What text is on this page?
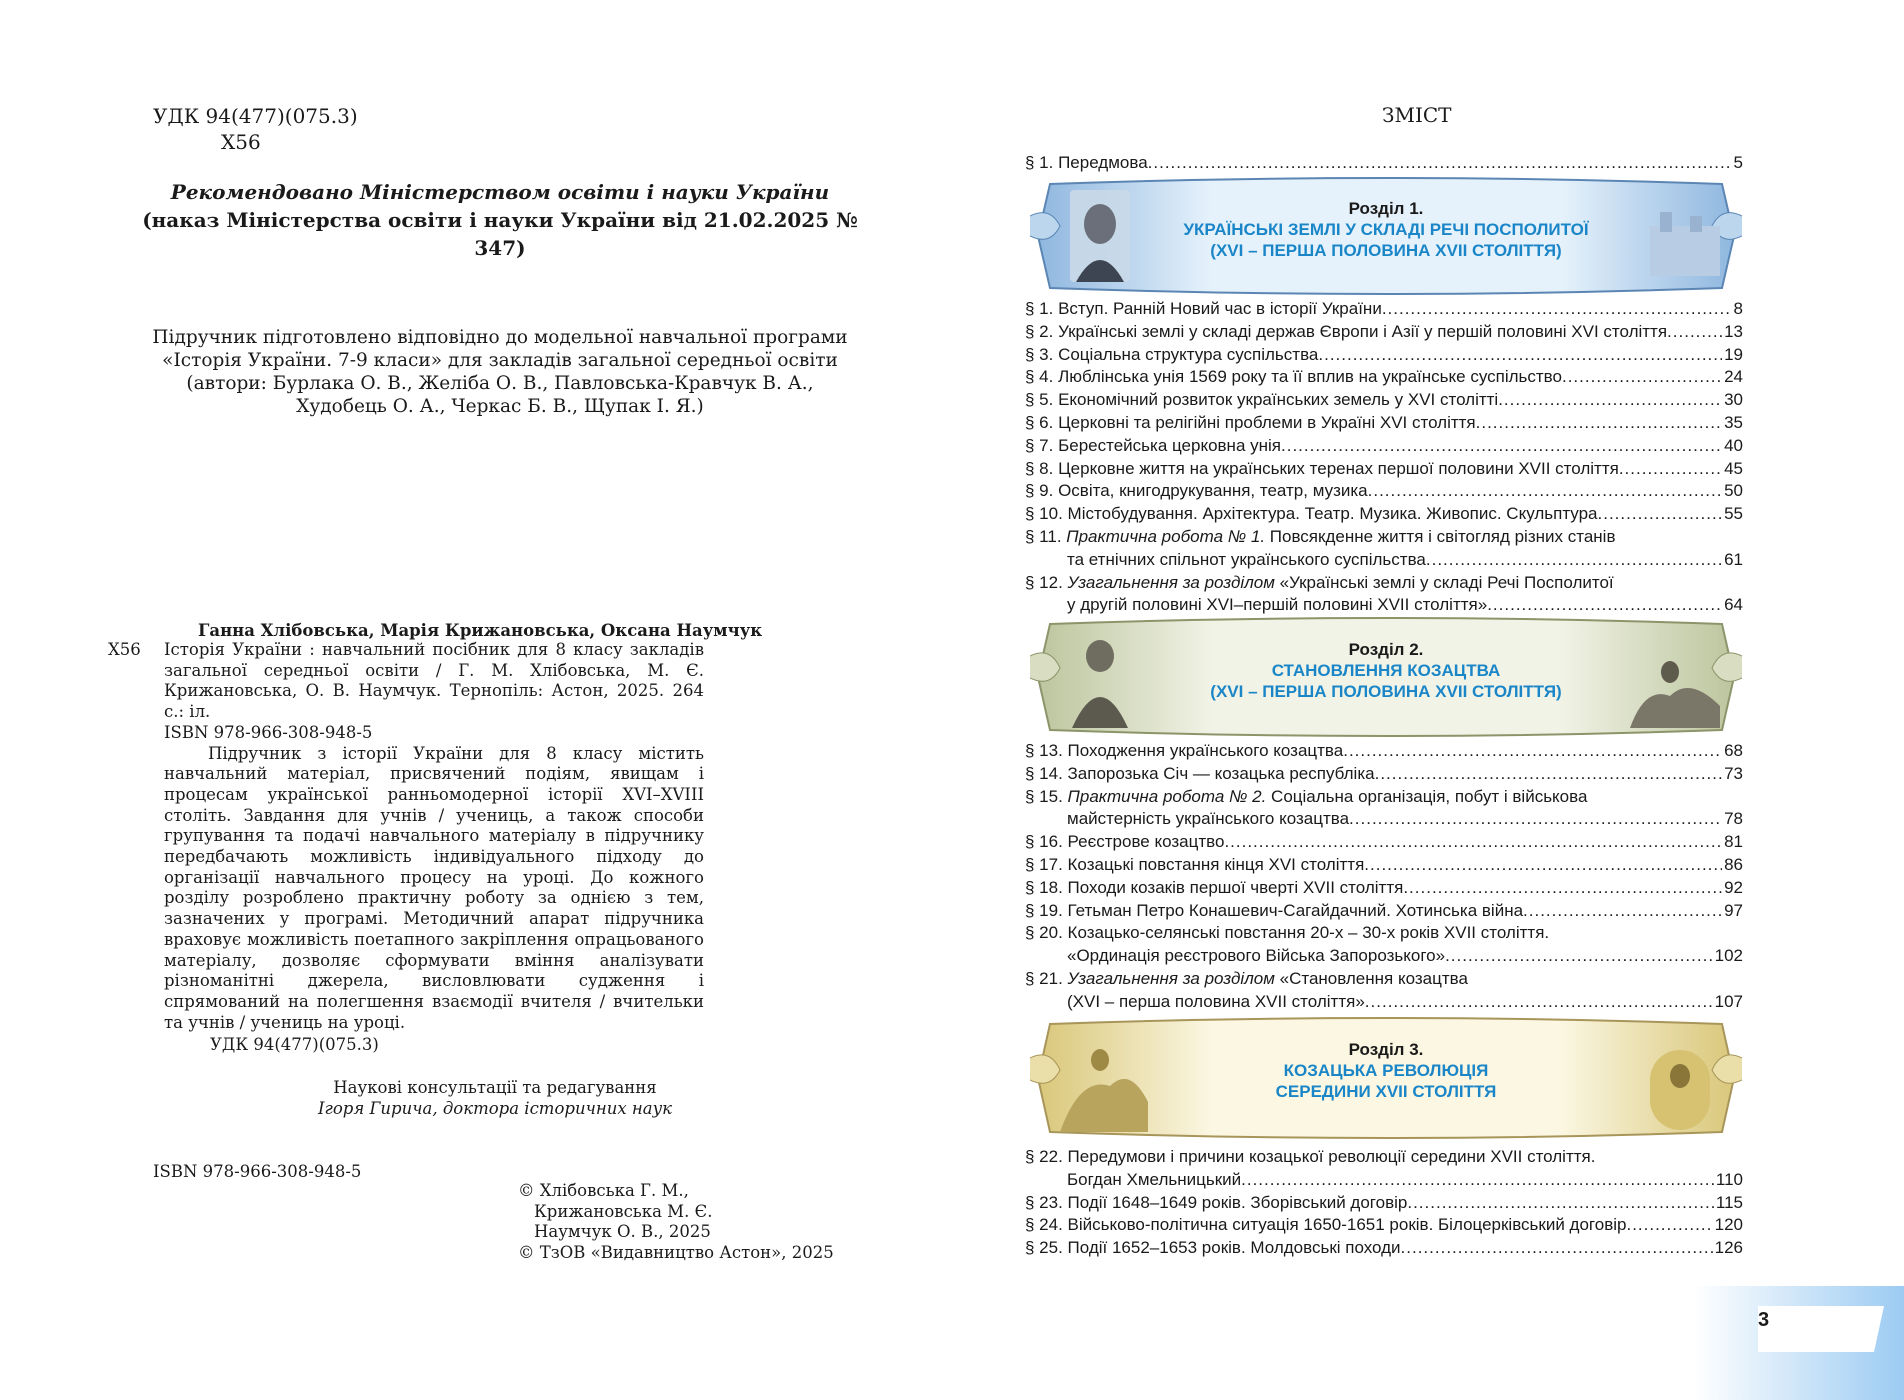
УДК 94(477)(075.3)
Х56
Рекомендовано Міністерством освіти і науки України
(наказ Міністерства освіти і науки України від 21.02.2025 № 347)
Підручник підготовлено відповідно до модельної навчальної програми
«Історія України. 7-9 класи» для закладів загальної середньої освіти
(автори: Бурлака О. В., Желіба О. В., Павловська-Кравчук В. А.,
Худобець О. А., Черкас Б. В., Щупак І. Я.)
Ганна Хлібовська, Марія Крижановська, Оксана Наумчук
Х56 Історія України : навчальний посібник для 8 класу закладів загальної середньої освіти / Г. М. Хлібовська, М. Є. Крижановська, О. В. Наумчук. Тернопіль: Астон, 2025. 264 с.: іл.
ISBN 978-966-308-948-5
Підручник з історії України для 8 класу містить навчальний матеріал, присвячений подіям, явищам і процесам української ранньомодерної історії XVI–XVIII століть. Завдання для учнів / учениць, а також способи групування та подачі навчального матеріалу в підручнику передбачають можливість індивідуального підходу до організації навчального процесу на уроці. До кожного розділу розроблено практичну роботу за однією з тем, зазначених у програмі. Методичний апарат підручника враховує можливість поетапного закріплення опрацьованого матеріалу, дозволяє сформувати вміння аналізувати різноманітні джерела, висловлювати судження і спрямований на полегшення взаємодії вчителя / вчительки та учнів / учениць на уроці.
УДК 94(477)(075.3)
Наукові консультації та редагування
Ігоря Гирича, доктора історичних наук
ISBN 978-966-308-948-5
© Хлібовська Г. М.,
Крижановська М. Є.
Наумчук О. В., 2025
© ТзОВ «Видавництво Астон», 2025
ЗМІСТ
§ 1. Передмова .....	5
Розділ 1.
УКРАЇНСЬКІ ЗЕМЛІ У СКЛАДІ РЕЧІ ПОСПОЛИТОЇ
(XVI – ПЕРША ПОЛОВИНА XVII СТОЛІТТЯ)
§ 1. Вступ. Ранній Новий час в історії України .....	8
§ 2. Українські землі у складі держав Європи і Азії у першій половині XVI століття .....	13
§ 3. Соціальна структура суспільства .....	19
§ 4. Люблінська унія 1569 року та її вплив на українське суспільство .....	24
§ 5. Економічний розвиток українських земель у XVI столітті .....	30
§ 6. Церковні та релігійні проблеми в Україні XVI століття .....	35
§ 7. Берестейська церковна унія .....	40
§ 8. Церковне життя на українських теренах першої половини XVII століття .....	45
§ 9. Освіта, книгодрукування, театр, музика .....	50
§ 10. Містобудування. Архітектура. Театр. Музика. Живопис. Скульптура .....	55
§ 11. Практична робота № 1. Повсякденне життя і світогляд різних станів
та етнічних спільнот українського суспільства .....	61
§ 12. Узагальнення за розділом «Українські землі у складі Речі Посполитої
у другій половині XVI–першій половині XVII століття» .....	64
Розділ 2.
СТАНОВЛЕННЯ КОЗАЦТВА
(XVI – ПЕРША ПОЛОВИНА XVII СТОЛІТТЯ)
§ 13. Походження українського козацтва .....	68
§ 14. Запорозька Січ — козацька республіка .....	73
§ 15. Практична робота № 2. Соціальна організація, побут і військова
майстерність українського козацтва .....	78
§ 16. Реєстрове козацтво .....	81
§ 17. Козацькі повстання кінця XVI століття .....	86
§ 18. Походи козаків першої чверті XVII століття .....	92
§ 19. Гетьман Петро Конашевич-Сагайдачний. Хотинська війна .....	97
§ 20. Козацько-селянські повстання 20-х – 30-х років XVII століття.
«Ординація реєстрового Війська Запорозького» .....	102
§ 21. Узагальнення за розділом «Становлення козацтва
(XVI – перша половина XVII століття» .....	107
Розділ 3.
КОЗАЦЬКА РЕВОЛЮЦІЯ
СЕРЕДИНИ XVII СТОЛІТТЯ
§ 22. Передумови і причини козацької революції середини XVII століття.
Богдан Хмельницький .....	110
§ 23. Події 1648–1649 років. Зборівський договір .....	115
§ 24. Військово-політична ситуація 1650-1651 років. Білоцерківський договір .....	120
§ 25. Події 1652–1653 років. Молдовські походи .....	126
3
